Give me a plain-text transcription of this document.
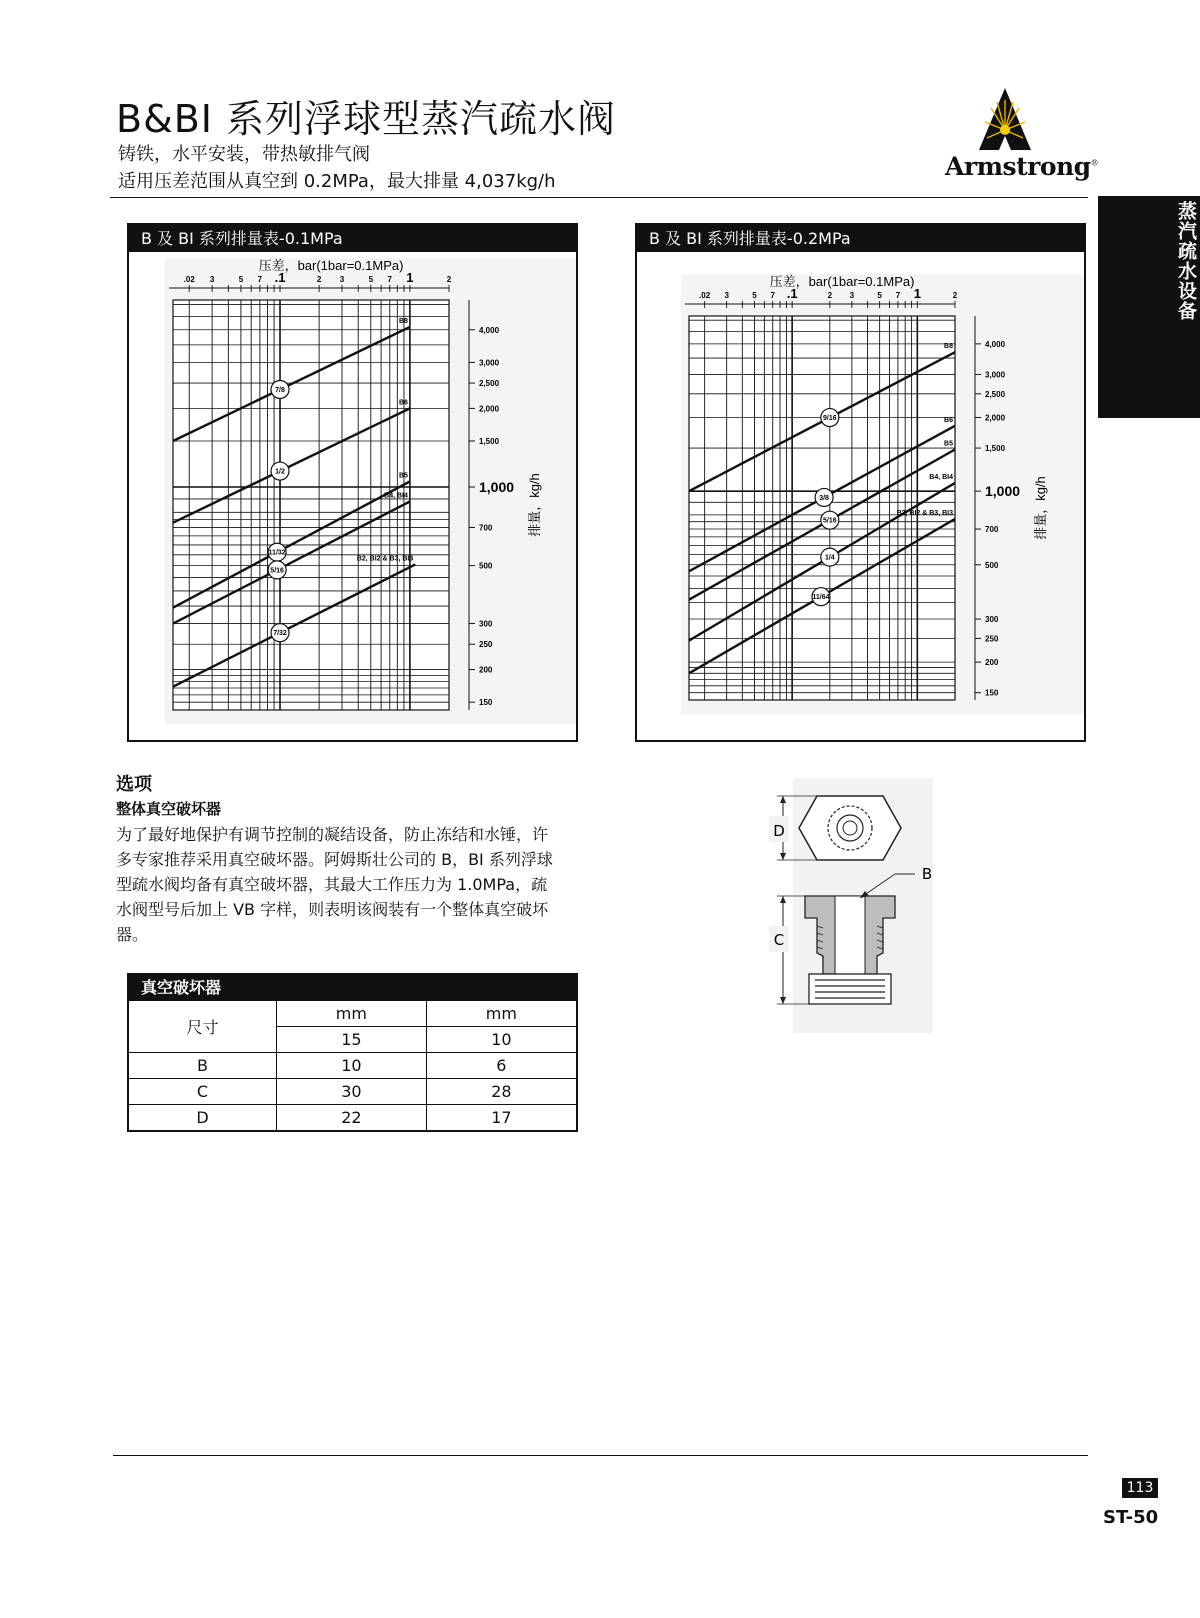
B&BI 系列浮球型蒸汽疏水阀
铸铁，水平安装，带热敏排气阀
适用压差范围从真空到 0.2MPa，最大排量 4,037kg/h
Armstrong®
蒸汽疏水设备
B 及 BI 系列排量表-0.1MPa
.02 3	5 7 .1	2 3	5 7 1	2
压差，bar(1bar=0.1MPa)
4,000
3,000
2,500
2,000
1,500
1,000
700
500
300
250
200
150
排量，kg/h
B8
7/8
B6
1/2
B5
11/32
B4, BI4
5/16
B2, BI2 & B3, BI3
7/32
B 及 BI 系列排量表-0.2MPa
.02 3	5 7 .1	2 3	5 7 1	2
压差，bar(1bar=0.1MPa)
4,000
3,000
2,500
2,000
1,500
1,000
700
500
300
250
200
150
排量，kg/h
B8
9/16	B6
3/8
B5
5/16
B4, BI4
1/4
B2, BI2 & B3, BI3
11/64
选项
整体真空破坏器
为了最好地保护有调节控制的凝结设备，防止冻结和水锤，许
多专家推荐采用真空破坏器。阿姆斯壮公司的 B，BI 系列浮球
型疏水阀均备有真空破坏器，其最大工作压力为 1.0MPa，疏
水阀型号后加上 VB 字样，则表明该阀装有一个整体真空破坏
器。
真空破坏器
尺寸	mm	mm
	15	10
B	10	6
C	30	28
D	22	17
D
C
B
113
ST-50
